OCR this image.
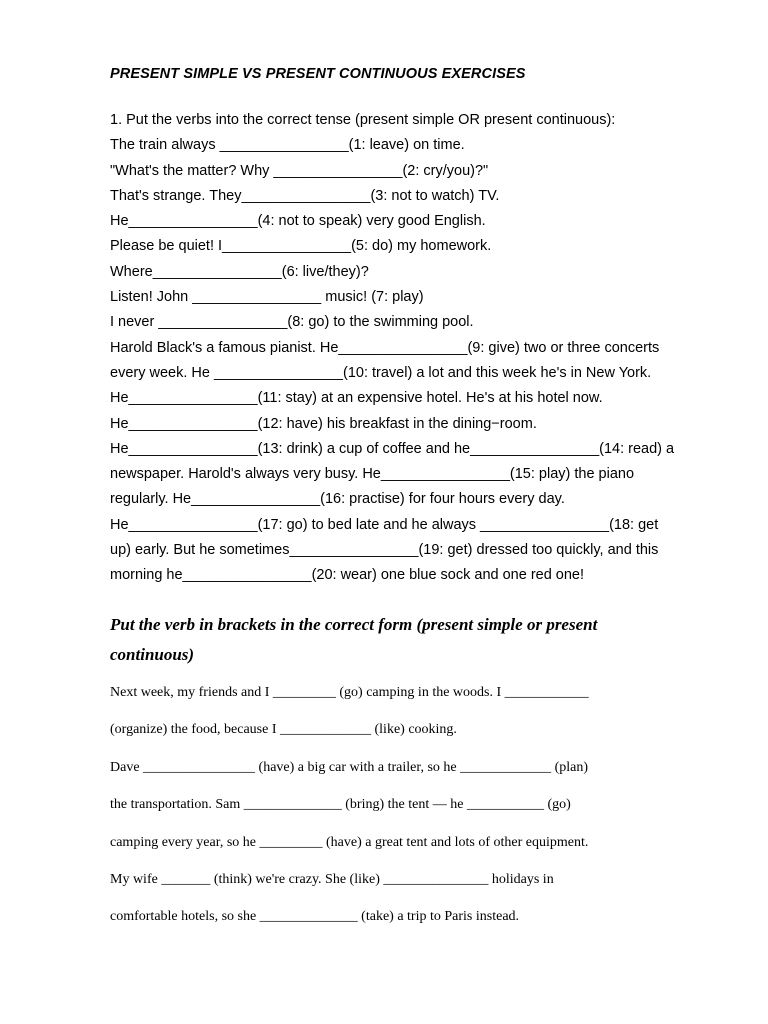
PRESENT SIMPLE VS PRESENT CONTINUOUS EXERCISES
1. Put the verbs into the correct tense (present simple OR present continuous):
The train always ________________(1: leave) on time.
"What's the matter? Why ________________(2: cry/you)?"
That's strange. They________________(3: not to watch) TV.
He________________(4: not to speak) very good English.
Please be quiet! I________________(5: do) my homework.
Where________________(6: live/they)?
Listen! John ________________ music! (7: play)
I never ________________(8: go) to the swimming pool.
Harold Black's a famous pianist. He________________(9: give) two or three concerts
every week. He ________________(10: travel) a lot and this week he's in New York.
He________________(11: stay) at an expensive hotel. He's at his hotel now.
He________________(12: have) his breakfast in the dining−room.
He________________(13: drink) a cup of coffee and he________________(14: read) a
newspaper. Harold's always very busy. He________________(15: play) the piano
regularly. He________________(16: practise) for four hours every day.
He________________(17: go) to bed late and he always ________________(18: get
up) early. But he sometimes________________(19: get) dressed too quickly, and this
morning he________________(20: wear) one blue sock and one red one!
Put the verb in brackets in the correct form (present simple or present
continuous)
Next week, my friends and I _________ (go) camping in the woods. I ____________
(organize) the food, because I _____________ (like) cooking.
Dave ________________ (have) a big car with a trailer, so he _____________ (plan)
the transportation. Sam ______________ (bring) the tent — he ___________ (go)
camping every year, so he _________ (have) a great tent and lots of other equipment.
My wife _______ (think) we're crazy. She (like) _______________ holidays in
comfortable hotels, so she ______________ (take) a trip to Paris instead.
